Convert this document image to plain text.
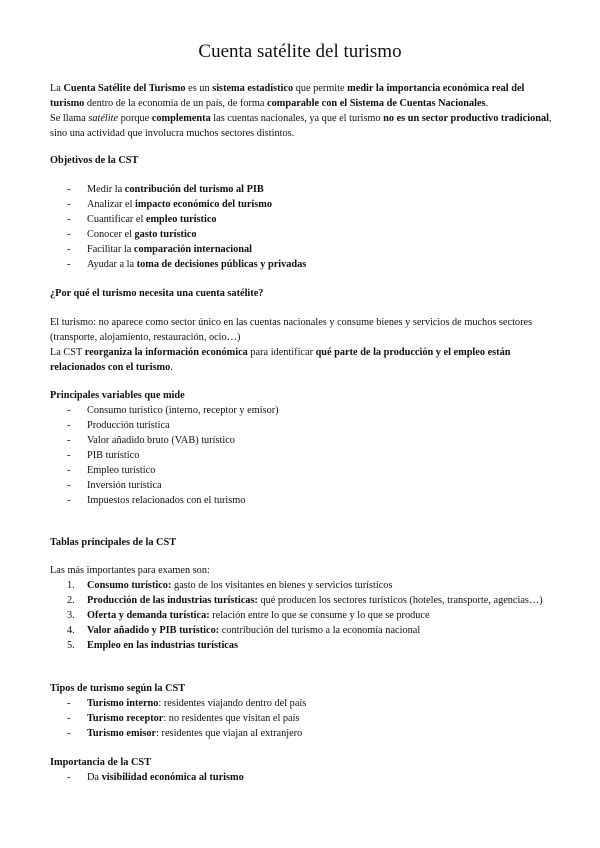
Cuenta satélite del turismo

La Cuenta Satélite del Turismo es un sistema estadístico que permite medir la importancia económica real del turismo dentro de la economía de un país, de forma comparable con el Sistema de Cuentas Nacionales.

Se llama satélite porque complementa las cuentas nacionales, ya que el turismo no es un sector productivo tradicional, sino una actividad que involucra muchos sectores distintos.

Objetivos de la CST

- Medir la contribución del turismo al PIB
- Analizar el impacto económico del turismo
- Cuantificar el empleo turístico
- Conocer el gasto turístico
- Facilitar la comparación internacional
- Ayudar a la toma de decisiones públicas y privadas

¿Por qué el turismo necesita una cuenta satélite?

El turismo: no aparece como sector único en las cuentas nacionales y consume bienes y servicios de muchos sectores (transporte, alojamiento, restauración, ocio…)

La CST reorganiza la información económica para identificar qué parte de la producción y el empleo están relacionados con el turismo.

Principales variables que mide

- Consumo turístico (interno, receptor y emisor)
- Producción turística
- Valor añadido bruto (VAB) turístico
- PIB turístico
- Empleo turístico
- Inversión turística
- Impuestos relacionados con el turismo

Tablas principales de la CST

Las más importantes para examen son:

1. Consumo turístico: gasto de los visitantes en bienes y servicios turísticos
2. Producción de las industrias turísticas: qué producen los sectores turísticos (hoteles, transporte, agencias…)
3. Oferta y demanda turística: relación entre lo que se consume y lo que se produce
4. Valor añadido y PIB turístico: contribución del turismo a la economía nacional
5. Empleo en las industrias turísticas

Tipos de turismo según la CST

- Turismo interno: residentes viajando dentro del país
- Turismo receptor: no residentes que visitan el país
- Turismo emisor: residentes que viajan al extranjero

Importancia de la CST

- Da visibilidad económica al turismo
